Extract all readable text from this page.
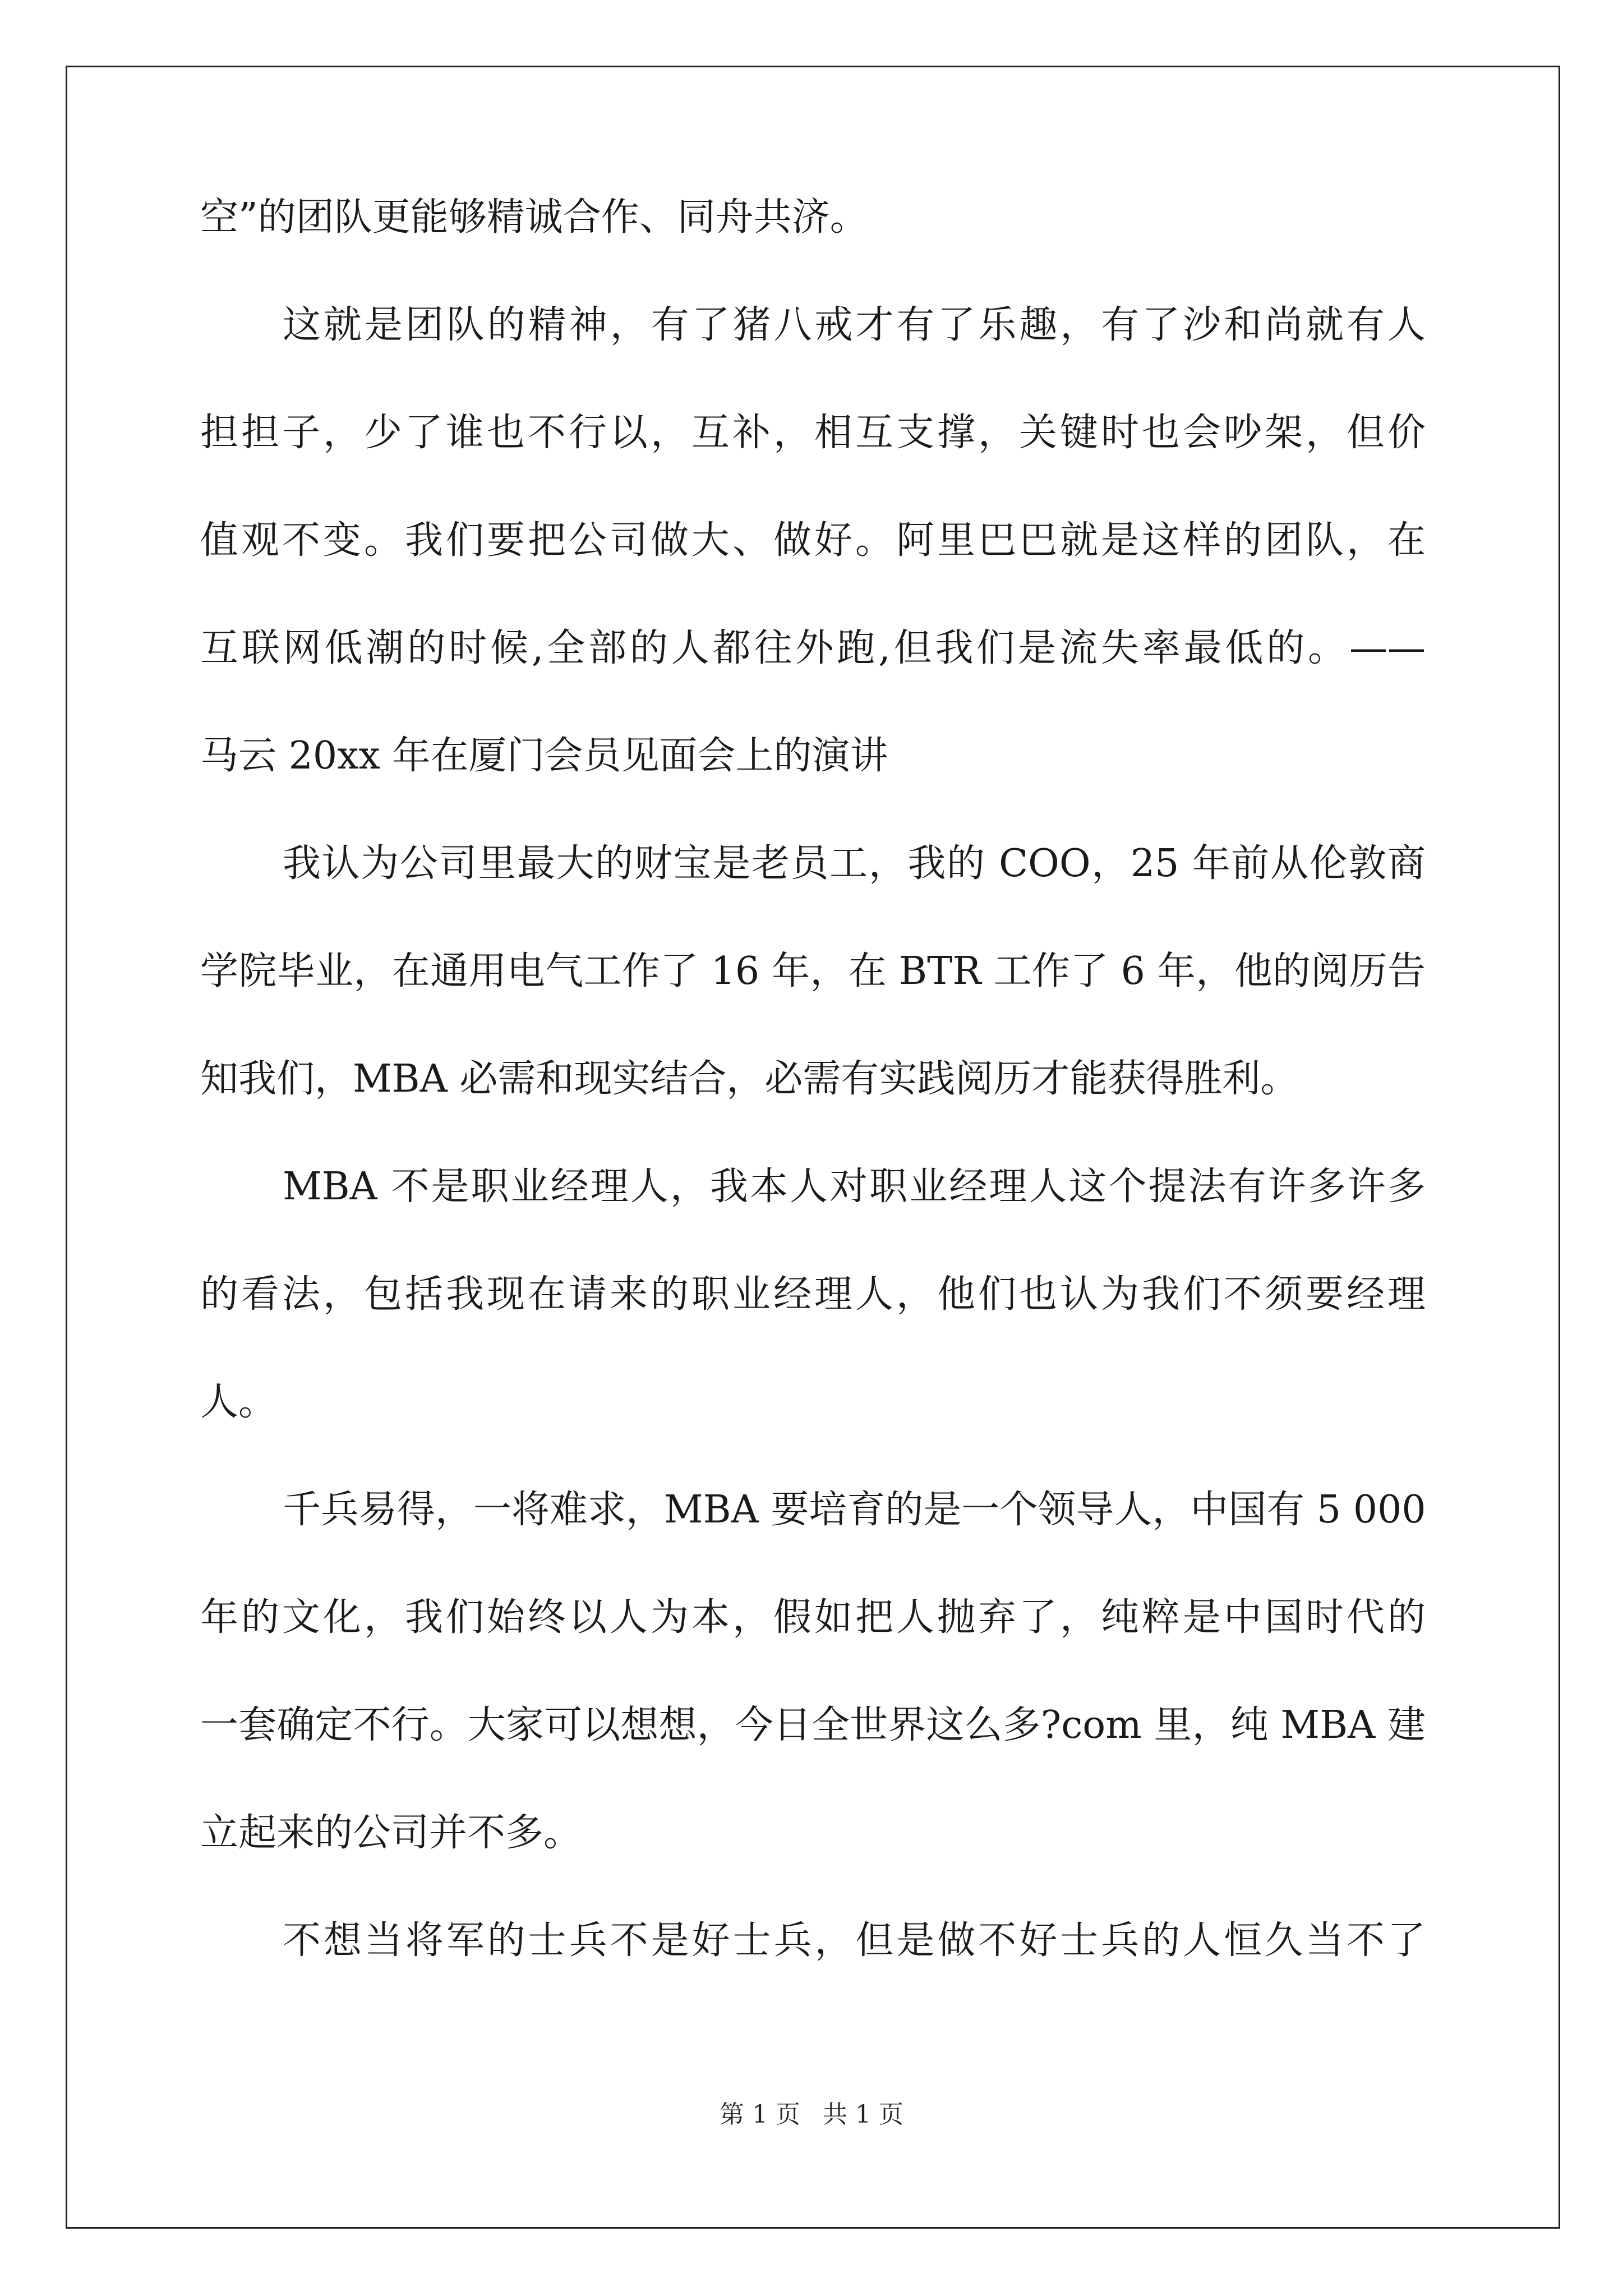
空”的团队更能够精诚合作、同舟共济。
这就是团队的精神，有了猪八戒才有了乐趣，有了沙和尚就有人
担担子，少了谁也不行以，互补，相互支撑，关键时也会吵架，但价
值观不变。我们要把公司做大、做好。阿里巴巴就是这样的团队，在
互联网低潮的时候,全部的人都往外跑,但我们是流失率最低的。——
马云 20xx 年在厦门会员见面会上的演讲
我认为公司里最大的财宝是老员工，我的 COO，25 年前从伦敦商
学院毕业，在通用电气工作了 16 年，在 BTR 工作了 6 年，他的阅历告
知我们，MBA 必需和现实结合，必需有实践阅历才能获得胜利。
MBA 不是职业经理人，我本人对职业经理人这个提法有许多许多
的看法，包括我现在请来的职业经理人，他们也认为我们不须要经理
人。
千兵易得，一将难求，MBA 要培育的是一个领导人，中国有 5 000
年的文化，我们始终以人为本，假如把人抛弃了，纯粹是中国时代的
一套确定不行。大家可以想想，今日全世界这么多?com 里，纯 MBA 建
立起来的公司并不多。
不想当将军的士兵不是好士兵，但是做不好士兵的人恒久当不了
第 1 页 共 1 页
